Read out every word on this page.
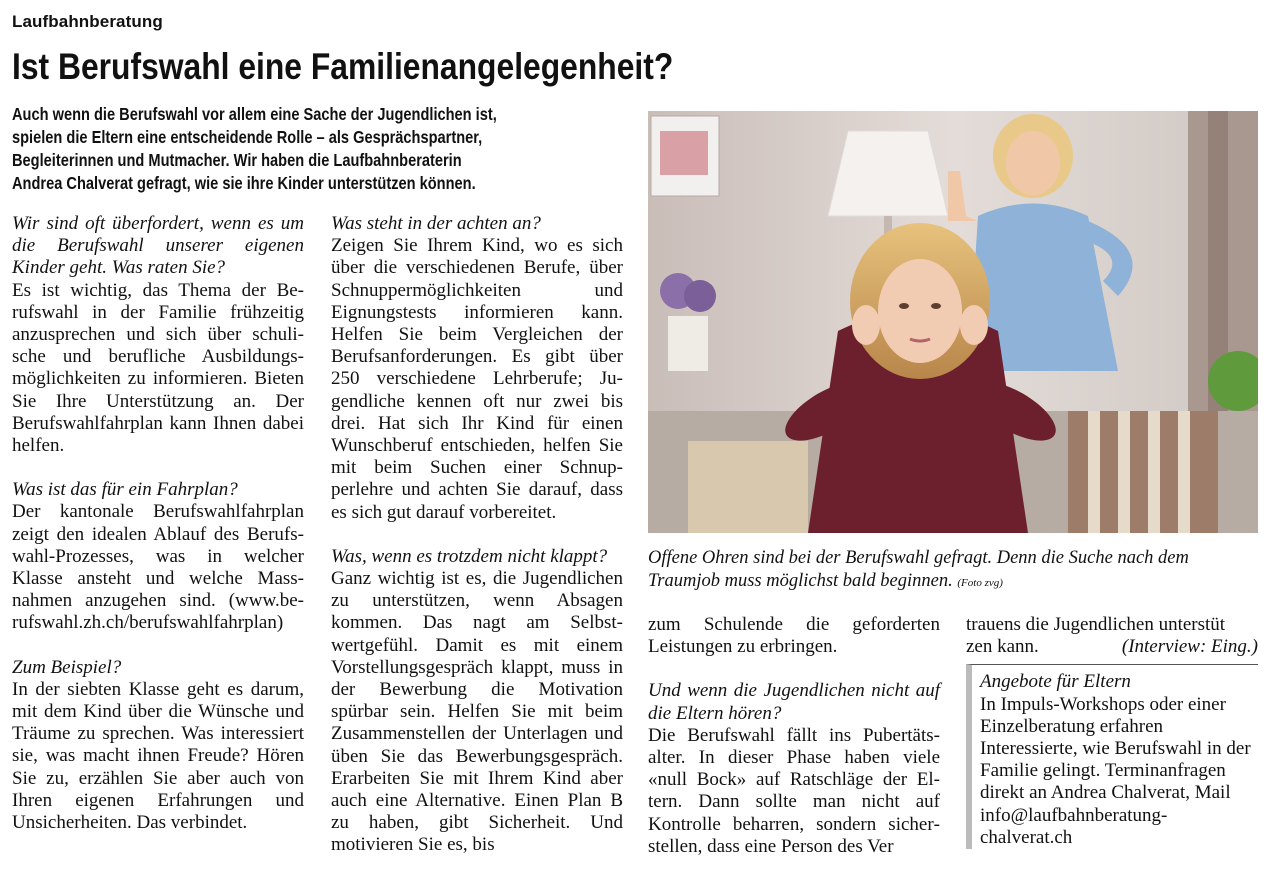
Laufbahnberatung
Ist Berufswahl eine Familienangelegenheit?
Auch wenn die Berufswahl vor allem eine Sache der Jugendlichen ist,
spielen die Eltern eine entscheidende Rolle – als Gesprächspartner,
Begleiterinnen und Mutmacher. Wir haben die Laufbahnberaterin
Andrea Chalverat gefragt, wie sie ihre Kinder unterstützen können.

Wir sind oft überfordert, wenn es um die Berufswahl unserer eigenen Kinder geht. Was raten Sie?

Es ist wichtig, das Thema der Berufswahl in der Familie frühzeitig anzusprechen und sich über schulische und berufliche Ausbildungsmöglichkeiten zu informieren. Bieten Sie Ihre Unterstützung an. Der Berufswahlfahrplan kann Ihnen dabei helfen.

Was ist das für ein Fahrplan?

Der kantonale Berufswahlfahrplan zeigt den idealen Ablauf des Berufswahl-Prozesses, was in welcher Klasse ansteht und welche Massnahmen anzugehen sind. (www.berufswahl.zh.ch/berufswahlfahrplan)

Zum Beispiel?

In der siebten Klasse geht es darum, mit dem Kind über die Wünsche und Träume zu sprechen. Was interessiert sie, was macht ihnen Freude? Hören Sie zu, erzählen Sie aber auch von Ihren eigenen Erfahrungen und Unsicherheiten. Das verbindet.

Was steht in der achten an?

Zeigen Sie Ihrem Kind, wo es sich über die verschiedenen Berufe, über Schnuppermöglichkeiten und Eignungstests informieren kann. Helfen Sie beim Vergleichen der Berufsanforderungen. Es gibt über 250 verschiedene Lehrberufe; Jugendliche kennen oft nur zwei bis drei. Hat sich Ihr Kind für einen Wunschberuf entschieden, helfen Sie mit beim Suchen einer Schnupperlehre und achten Sie darauf, dass es sich gut darauf vorbereitet.

Was, wenn es trotzdem nicht klappt?

Ganz wichtig ist es, die Jugendlichen zu unterstützen, wenn Absagen kommen. Das nagt am Selbstwertgefühl. Damit es mit einem Vorstellungsgespräch klappt, muss in der Bewerbung die Motivation spürbar sein. Helfen Sie mit beim Zusammenstellen der Unterlagen und üben Sie das Bewerbungsgespräch. Erarbeiten Sie mit Ihrem Kind aber auch eine Alternative. Einen Plan B zu haben, gibt Sicherheit. Und motivieren Sie es, bis

Offene Ohren sind bei der Berufswahl gefragt. Denn die Suche nach dem
Traumjob muss möglichst bald beginnen. (Foto zvg)

zum Schulende die geforderten Leistungen zu erbringen.

Und wenn die Jugendlichen nicht auf die Eltern hören?

Die Berufswahl fällt ins Pubertätsalter. In dieser Phase haben viele «null Bock» auf Ratschläge der Eltern. Dann sollte man nicht auf Kontrolle beharren, sondern sicherstellen, dass eine Person des Ver

trauens die Jugendlichen unterstüt

zen kann.	(Interview: Eing.)

Angebote für Eltern

In Impuls-Workshops oder einer Einzelberatung erfahren Interessierte, wie Berufswahl in der Familie gelingt. Terminanfragen direkt an Andrea Chalverat, Mail info@laufbahnberatung-chalverat.ch
